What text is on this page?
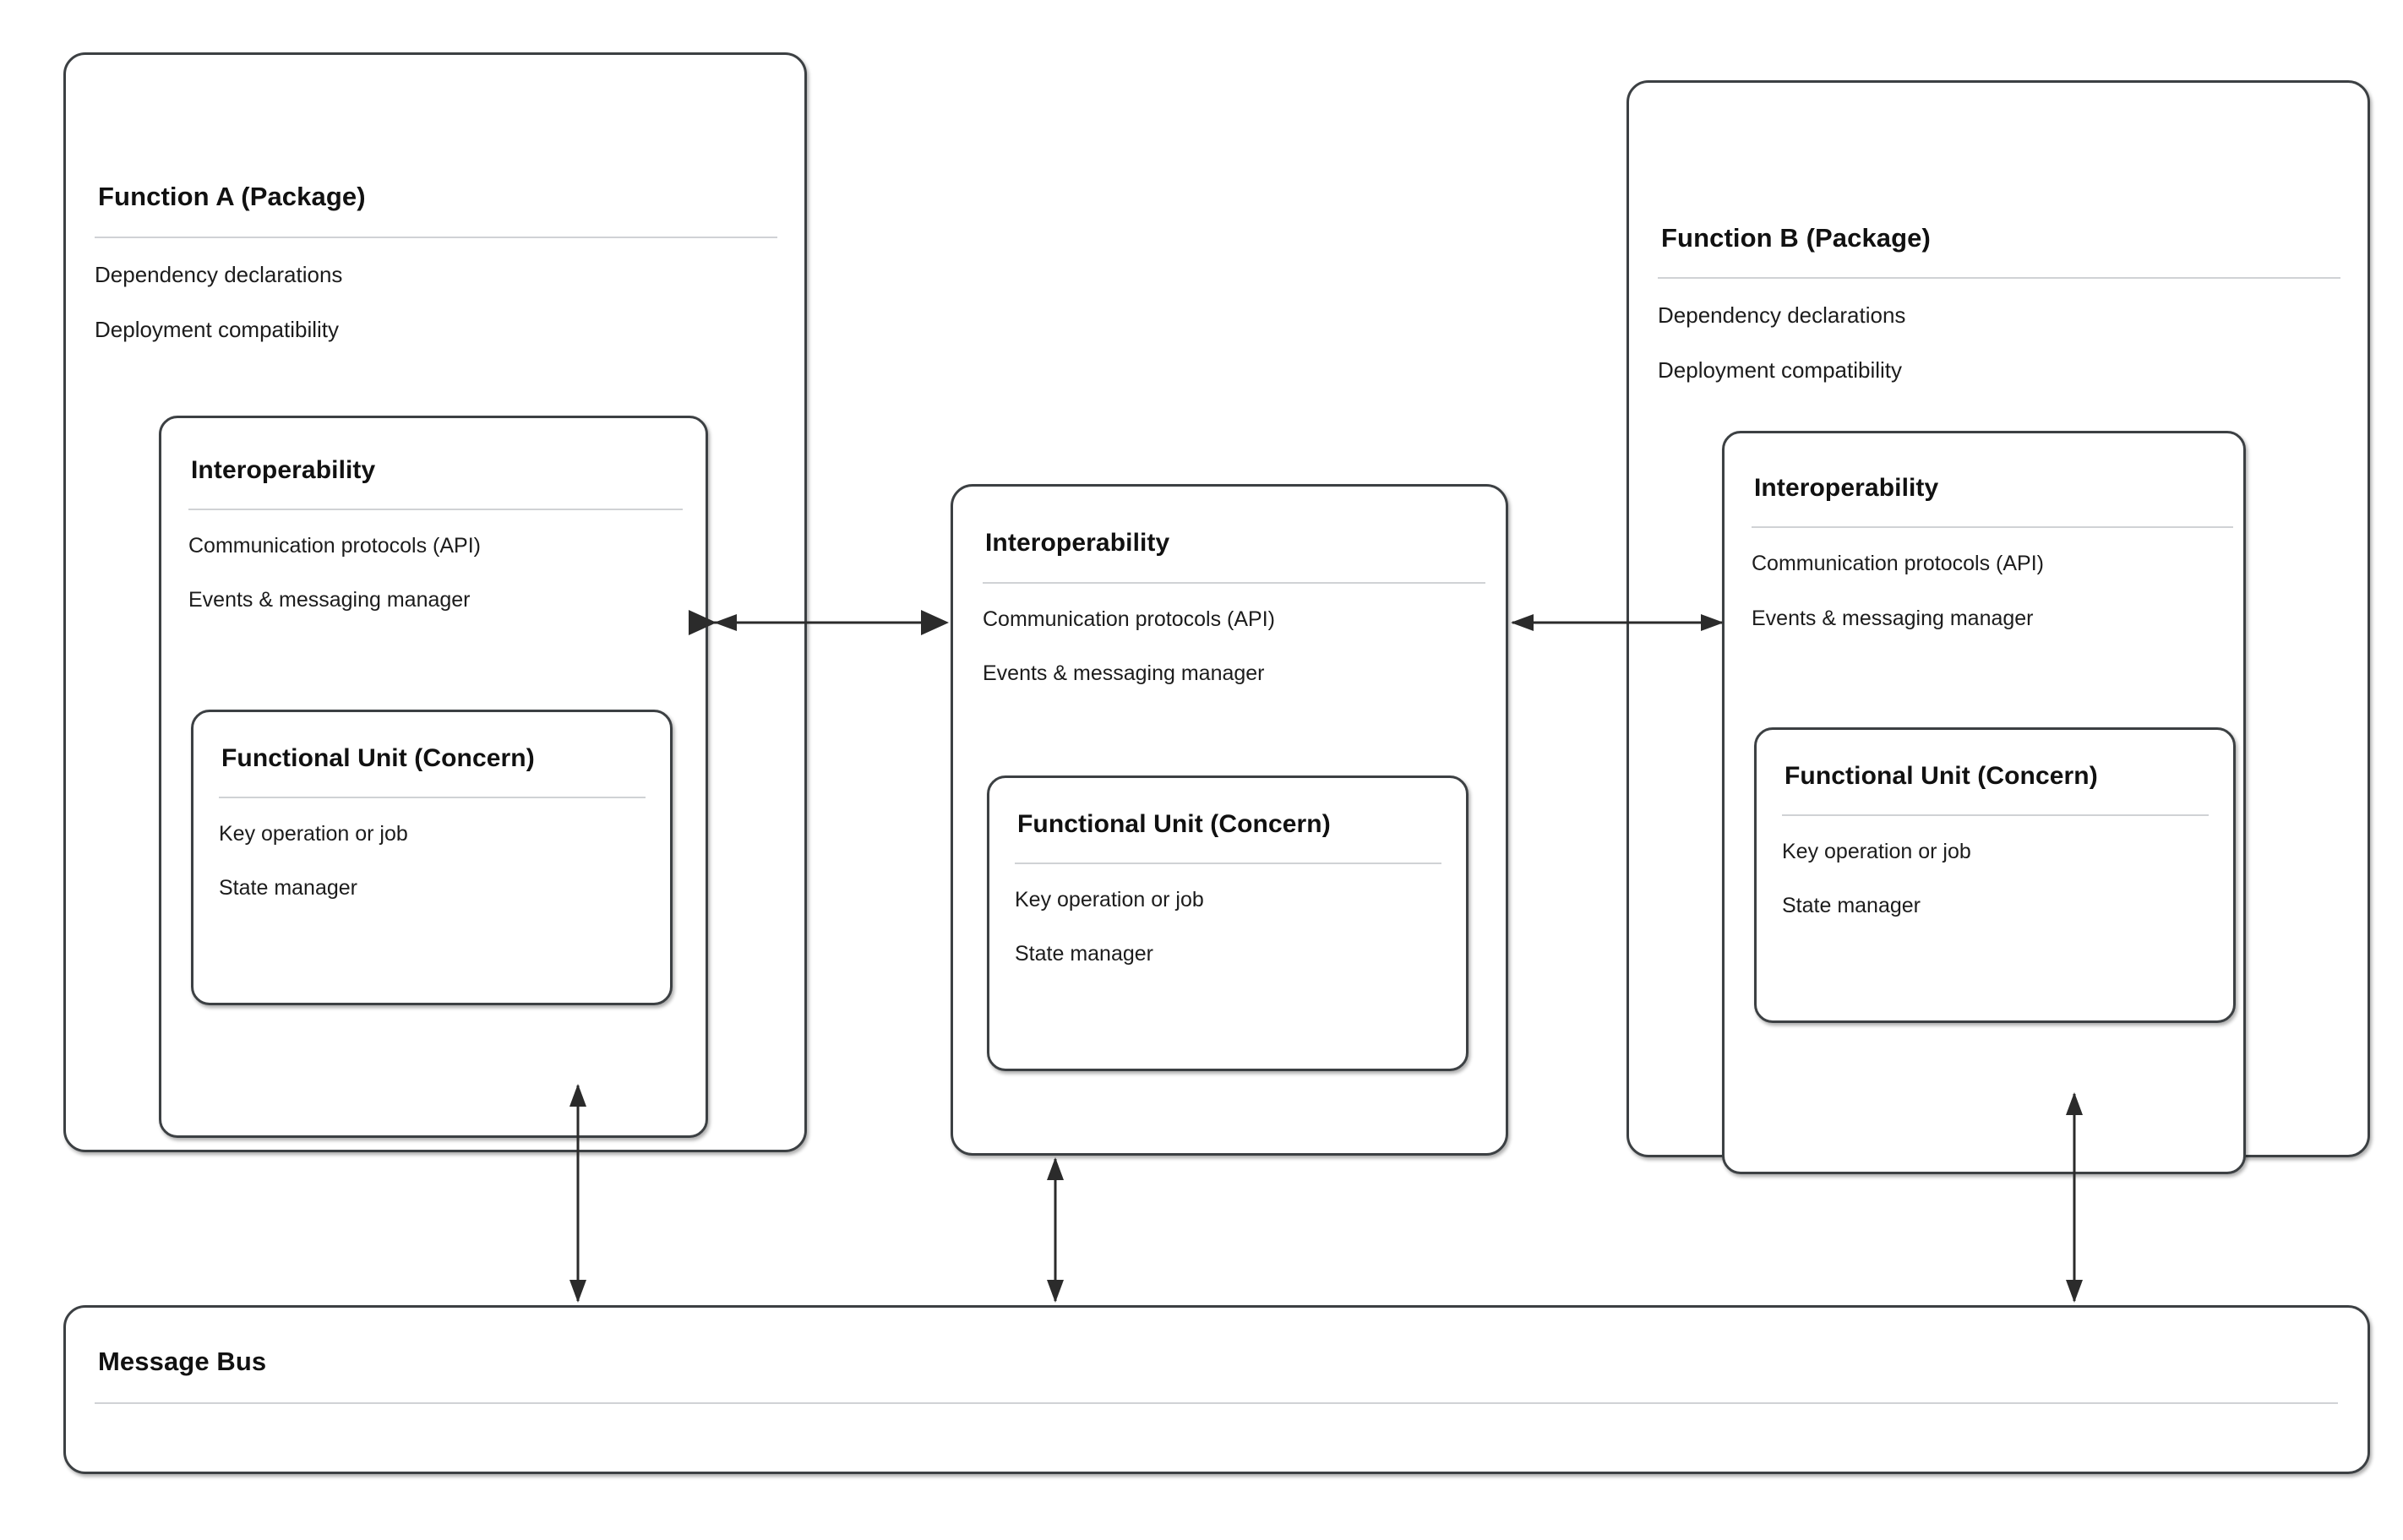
Function A (Package)
Dependency declarations
Deployment compatibility
Interoperability
Communication protocols (API)
Events & messaging manager
Functional Unit (Concern)
Key operation or job
State manager
Interoperability
Communication protocols (API)
Events & messaging manager
Functional Unit (Concern)
Key operation or job
State manager
Function B (Package)
Dependency declarations
Deployment compatibility
Interoperability
Communication protocols (API)
Events & messaging manager
Functional Unit (Concern)
Key operation or job
State manager
Message Bus
